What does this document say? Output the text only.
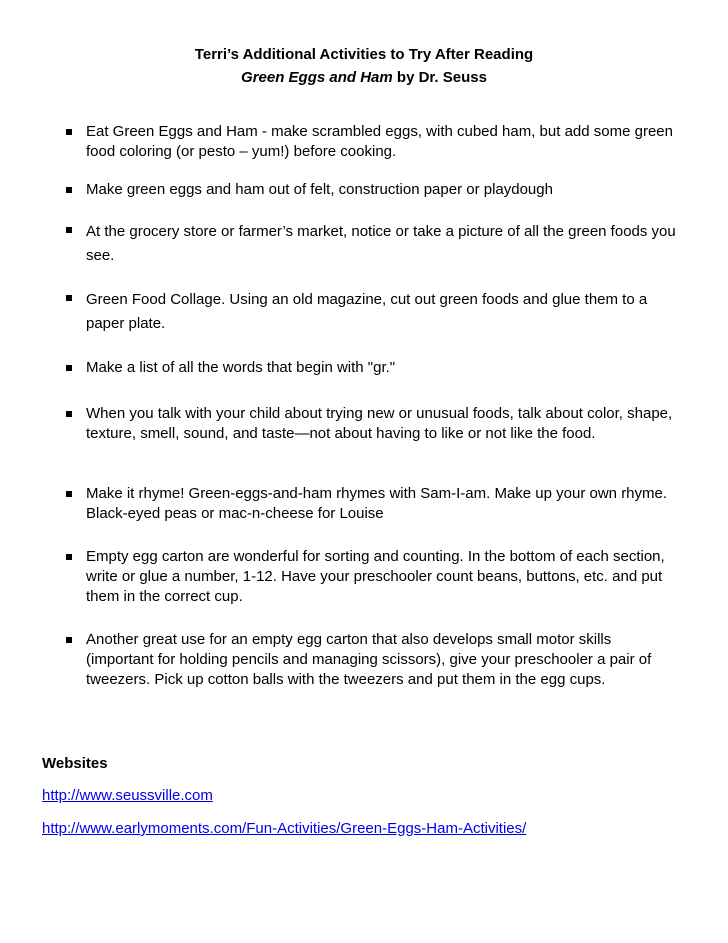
Terri’s Additional Activities to Try After Reading
Green Eggs and Ham by Dr. Seuss
Eat Green Eggs and Ham - make scrambled eggs, with cubed ham, but add some green food coloring (or pesto – yum!) before cooking.
Make green eggs and ham out of felt, construction paper or playdough
At the grocery store or farmer’s market, notice or take a picture of all the green foods you see.
Green Food Collage. Using an old magazine, cut out green foods and glue them to a paper plate.
Make a list of all the words that begin with "gr."
When you talk with your child about trying new or unusual foods, talk about color, shape, texture, smell, sound, and taste—not about having to like or not like the food.
Make it rhyme! Green-eggs-and-ham rhymes with Sam-I-am. Make up your own rhyme. Black-eyed peas or mac-n-cheese for Louise
Empty egg carton are wonderful for sorting and counting. In the bottom of each section, write or glue a number, 1-12. Have your preschooler count beans, buttons, etc. and put them in the correct cup.
Another great use for an empty egg carton that also develops small motor skills (important for holding pencils and managing scissors), give your preschooler a pair of tweezers. Pick up cotton balls with the tweezers and put them in the egg cups.
Websites
http://www.seussville.com
http://www.earlymoments.com/Fun-Activities/Green-Eggs-Ham-Activities/
